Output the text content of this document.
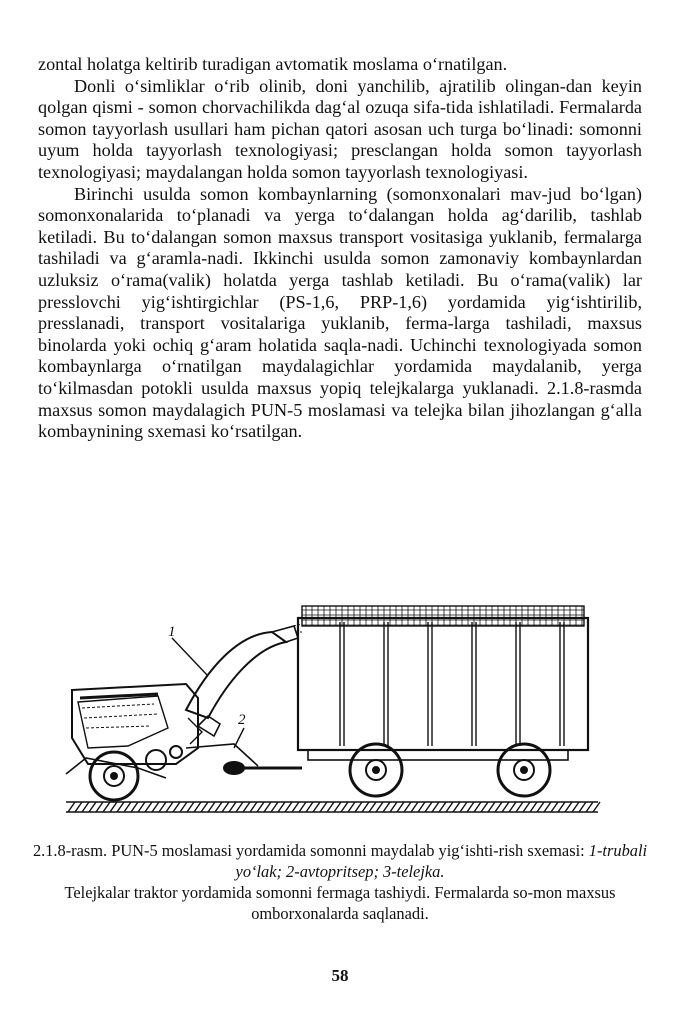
zontal holatga keltirib turadigan avtomatik moslama o‘rnatilgan.

Donli o‘simliklar o‘rib olinib, doni yanchilib, ajratilib olingan-dan keyin qolgan qismi - somon chorvachilikda dag‘al ozuqa sifa-tida ishlatiladi. Fermalarda somon tayyorlash usullari ham pichan qatori asosan uch turga bo‘linadi: somonni uyum holda tayyorlash texnologiyasi; presclangan holda somon tayyorlash texnologiyasi; maydalangan holda somon tayyorlash texnologiyasi.

Birinchi usulda somon kombaynlarning (somonxonalari mav-jud bo‘lgan) somonxonalarida to‘planadi va yerga to‘dalangan holda ag‘darilib, tashlab ketiladi. Bu to‘dalangan somon maxsus transport vositasiga yuklanib, fermalarga tashiladi va g‘aramla-nadi. Ikkinchi usulda somon zamonaviy kombaynlardan uzluksiz o‘rama(valik) holatda yerga tashlab ketiladi. Bu o‘rama(valik) lar presslovchi yig‘ishtirgichlar (PS-1,6, PRP-1,6) yordamida yig‘ishtirilib, presslanadi, transport vositalariga yuklanib, ferma-larga tashiladi, maxsus binolarda yoki ochiq g‘aram holatida saqla-nadi. Uchinchi texnologiyada somon kombaynlarga o‘rnatilgan maydalagichlar yordamida maydalanib, yerga to‘kilmasdan potokli usulda maxsus yopiq telejkalarga yuklanadi. 2.1.8-rasmda maxsus somon maydalagich PUN-5 moslamasi va telejka bilan jihozlangan g‘alla kombaynining sxemasi ko‘rsatilgan.

1
2
2.1.8-rasm. PUN-5 moslamasi yordamida somonni maydalab yig‘ishti-rish sxemasi: 1-trubali yo‘lak; 2-avtopritsep; 3-telejka.
Telejkalar traktor yordamida somonni fermaga tashiydi. Fermalarda so-mon maxsus omborxonalarda saqlanadi.
58
